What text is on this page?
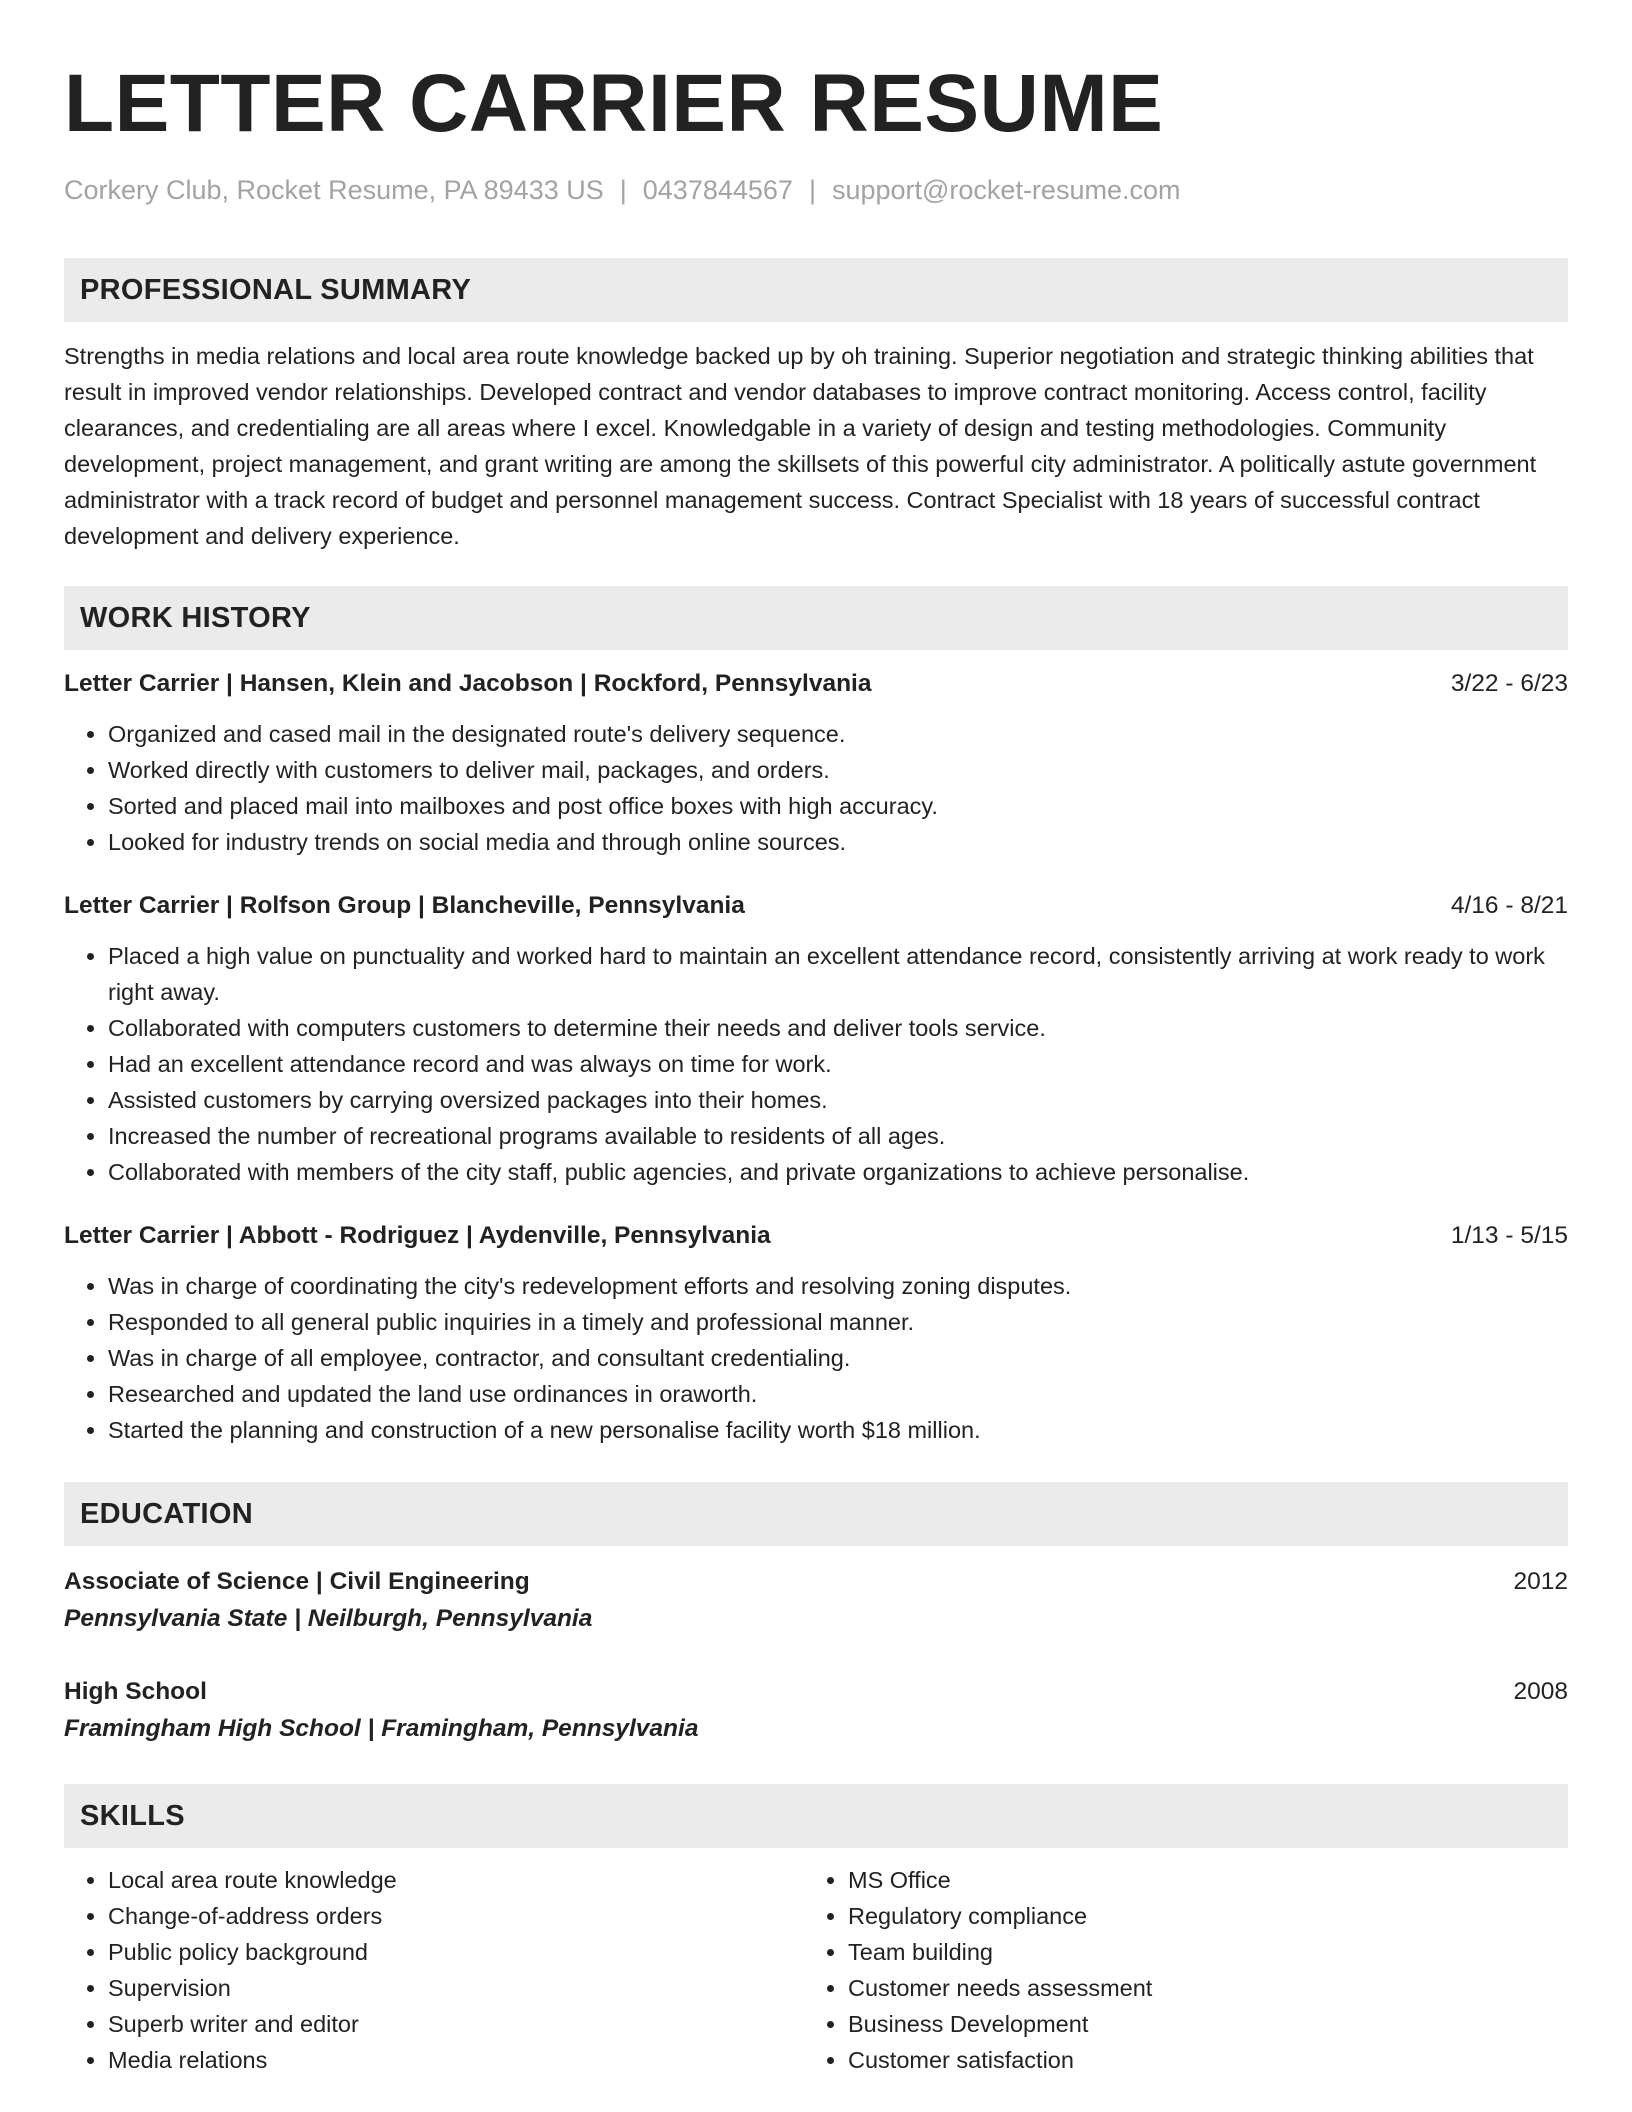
LETTER CARRIER RESUME
Corkery Club, Rocket Resume, PA 89433 US | 0437844567 | support@rocket-resume.com
PROFESSIONAL SUMMARY
Strengths in media relations and local area route knowledge backed up by oh training. Superior negotiation and strategic thinking abilities that result in improved vendor relationships. Developed contract and vendor databases to improve contract monitoring. Access control, facility clearances, and credentialing are all areas where I excel. Knowledgable in a variety of design and testing methodologies. Community development, project management, and grant writing are among the skillsets of this powerful city administrator. A politically astute government administrator with a track record of budget and personnel management success. Contract Specialist with 18 years of successful contract development and delivery experience.
WORK HISTORY
Letter Carrier | Hansen, Klein and Jacobson | Rockford, Pennsylvania	3/22 - 6/23
• Organized and cased mail in the designated route's delivery sequence.
• Worked directly with customers to deliver mail, packages, and orders.
• Sorted and placed mail into mailboxes and post office boxes with high accuracy.
• Looked for industry trends on social media and through online sources.
Letter Carrier | Rolfson Group | Blancheville, Pennsylvania	4/16 - 8/21
• Placed a high value on punctuality and worked hard to maintain an excellent attendance record, consistently arriving at work ready to work right away.
• Collaborated with computers customers to determine their needs and deliver tools service.
• Had an excellent attendance record and was always on time for work.
• Assisted customers by carrying oversized packages into their homes.
• Increased the number of recreational programs available to residents of all ages.
• Collaborated with members of the city staff, public agencies, and private organizations to achieve personalise.
Letter Carrier | Abbott - Rodriguez | Aydenville, Pennsylvania	1/13 - 5/15
• Was in charge of coordinating the city's redevelopment efforts and resolving zoning disputes.
• Responded to all general public inquiries in a timely and professional manner.
• Was in charge of all employee, contractor, and consultant credentialing.
• Researched and updated the land use ordinances in oraworth.
• Started the planning and construction of a new personalise facility worth $18 million.
EDUCATION
Associate of Science | Civil Engineering	2012
Pennsylvania State | Neilburgh, Pennsylvania
High School	2008
Framingham High School | Framingham, Pennsylvania
SKILLS
• Local area route knowledge
• Change-of-address orders
• Public policy background
• Supervision
• Superb writer and editor
• Media relations
• MS Office
• Regulatory compliance
• Team building
• Customer needs assessment
• Business Development
• Customer satisfaction
